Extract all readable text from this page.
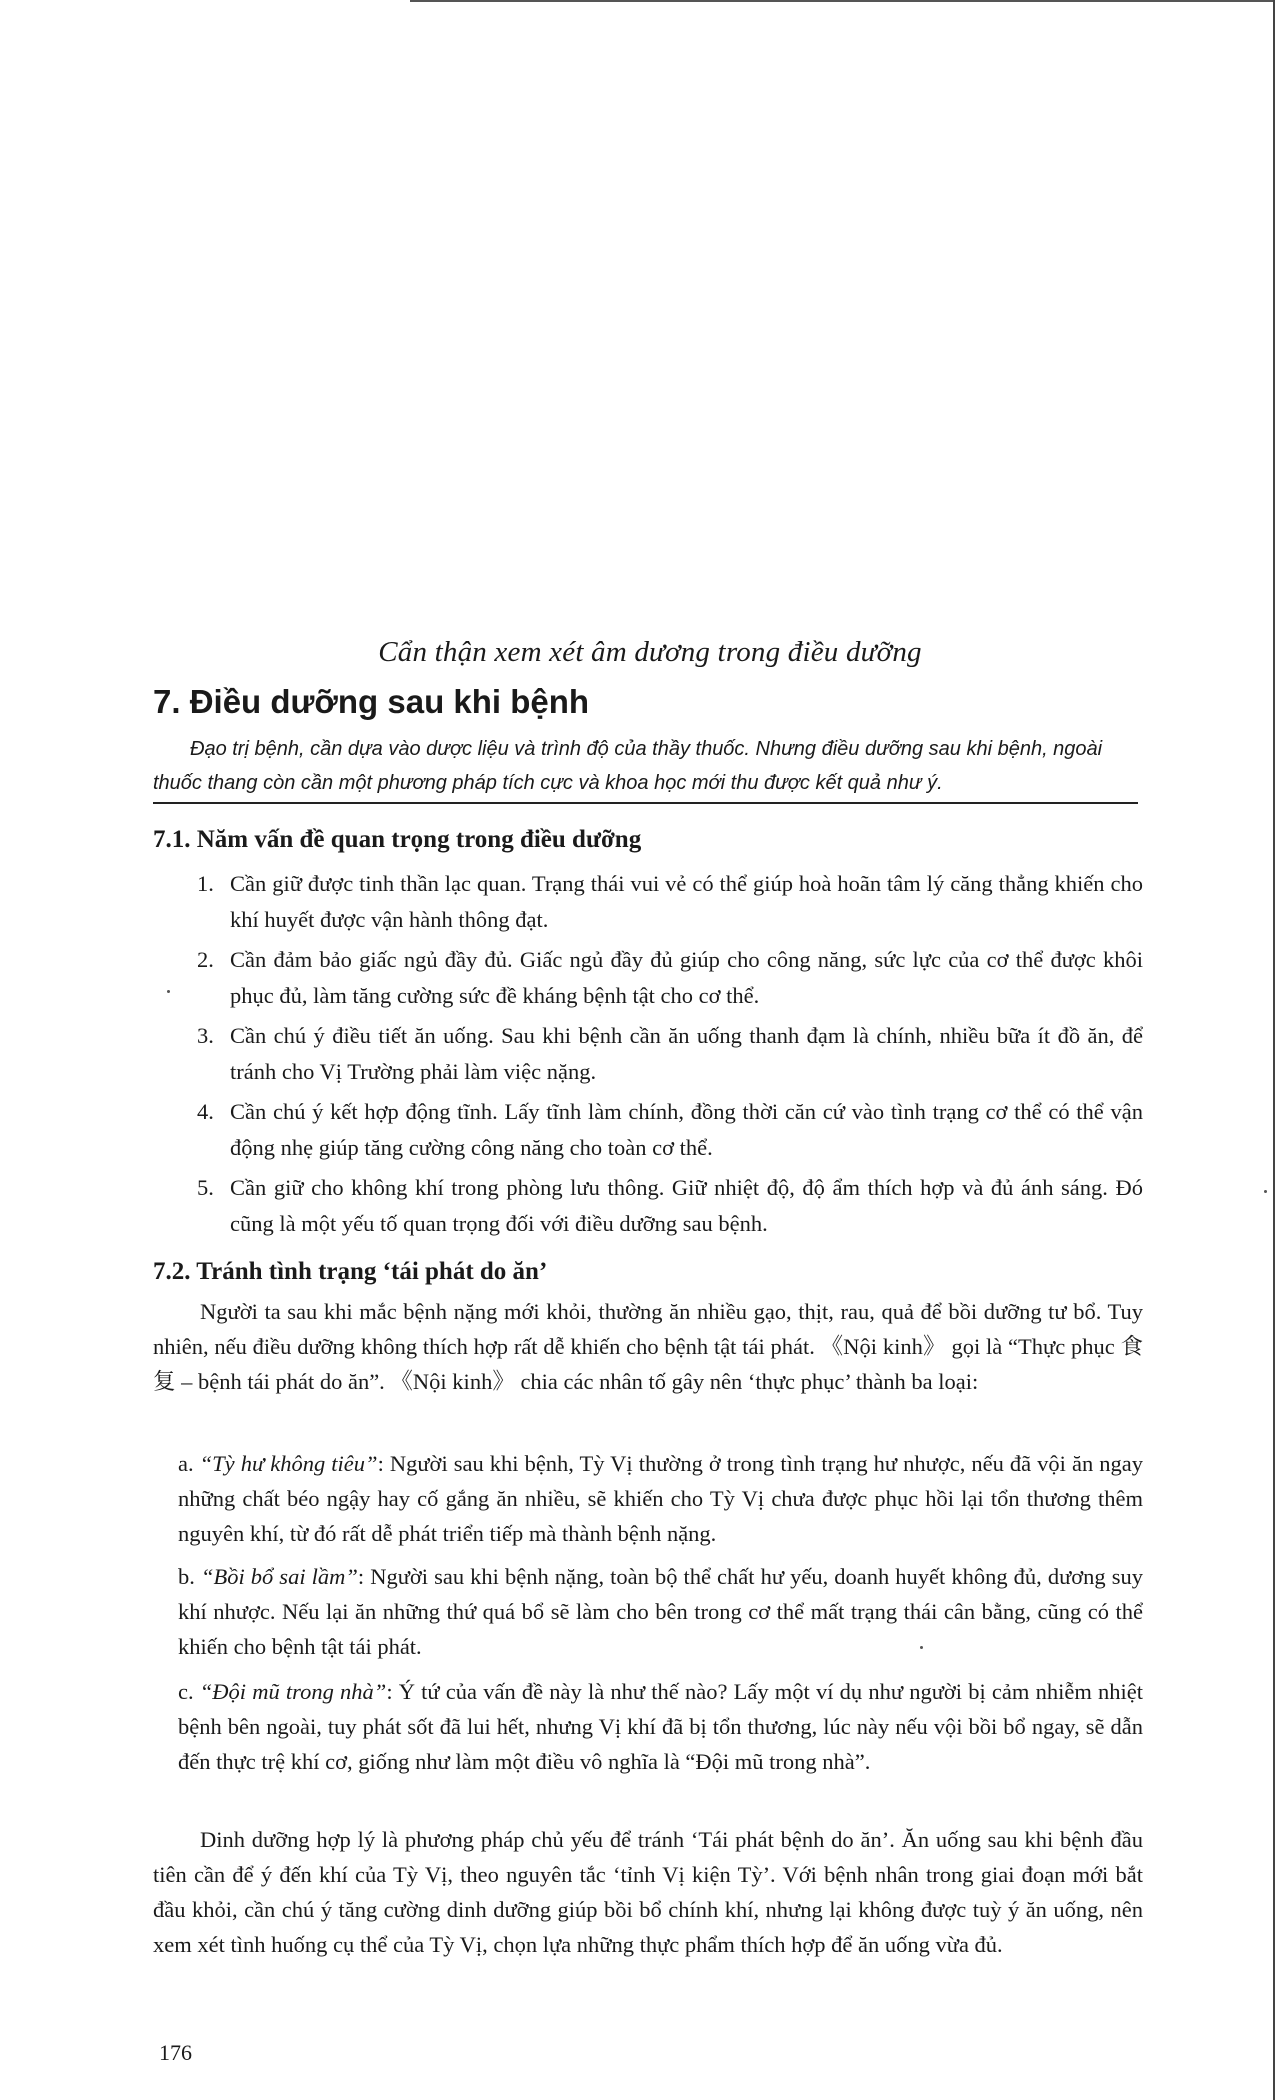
Cẩn thận xem xét âm dương trong điều dưỡng
7. Điều dưỡng sau khi bệnh

Đạo trị bệnh, cần dựa vào dược liệu và trình độ của thầy thuốc. Nhưng điều dưỡng sau khi bệnh, ngoài thuốc thang còn cần một phương pháp tích cực và khoa học mới thu được kết quả như ý.

7.1. Năm vấn đề quan trọng trong điều dưỡng
1. Cần giữ được tinh thần lạc quan. Trạng thái vui vẻ có thể giúp hoà hoãn tâm lý căng thẳng khiến cho khí huyết được vận hành thông đạt.
2. Cần đảm bảo giấc ngủ đầy đủ. Giấc ngủ đầy đủ giúp cho công năng, sức lực của cơ thể được khôi phục đủ, làm tăng cường sức đề kháng bệnh tật cho cơ thể.
3. Cần chú ý điều tiết ăn uống. Sau khi bệnh cần ăn uống thanh đạm là chính, nhiều bữa ít đồ ăn, để tránh cho Vị Trường phải làm việc nặng.
4. Cần chú ý kết hợp động tĩnh. Lấy tĩnh làm chính, đồng thời căn cứ vào tình trạng cơ thể có thể vận động nhẹ giúp tăng cường công năng cho toàn cơ thể.
5. Cần giữ cho không khí trong phòng lưu thông. Giữ nhiệt độ, độ ẩm thích hợp và đủ ánh sáng. Đó cũng là một yếu tố quan trọng đối với điều dưỡng sau bệnh.
7.2. Tránh tình trạng ‘tái phát do ăn’

Người ta sau khi mắc bệnh nặng mới khỏi, thường ăn nhiều gạo, thịt, rau, quả để bồi dưỡng tư bổ. Tuy nhiên, nếu điều dưỡng không thích hợp rất dễ khiến cho bệnh tật tái phát. 《Nội kinh》 gọi là “Thực phục 食复 – bệnh tái phát do ăn”. 《Nội kinh》 chia các nhân tố gây nên ‘thực phục’ thành ba loại:

a. “Tỳ hư không tiêu”: Người sau khi bệnh, Tỳ Vị thường ở trong tình trạng hư nhược, nếu đã vội ăn ngay những chất béo ngậy hay cố gắng ăn nhiều, sẽ khiến cho Tỳ Vị chưa được phục hồi lại tổn thương thêm nguyên khí, từ đó rất dễ phát triển tiếp mà thành bệnh nặng.

b. “Bồi bổ sai lầm”: Người sau khi bệnh nặng, toàn bộ thể chất hư yếu, doanh huyết không đủ, dương suy khí nhược. Nếu lại ăn những thứ quá bổ sẽ làm cho bên trong cơ thể mất trạng thái cân bằng, cũng có thể khiến cho bệnh tật tái phát.

c. “Đội mũ trong nhà”: Ý tứ của vấn đề này là như thế nào? Lấy một ví dụ như người bị cảm nhiễm nhiệt bệnh bên ngoài, tuy phát sốt đã lui hết, nhưng Vị khí đã bị tổn thương, lúc này nếu vội bồi bổ ngay, sẽ dẫn đến thực trệ khí cơ, giống như làm một điều vô nghĩa là “Đội mũ trong nhà”.

Dinh dưỡng hợp lý là phương pháp chủ yếu để tránh ‘Tái phát bệnh do ăn’. Ăn uống sau khi bệnh đầu tiên cần để ý đến khí của Tỳ Vị, theo nguyên tắc ‘tỉnh Vị kiện Tỳ’. Với bệnh nhân trong giai đoạn mới bắt đầu khỏi, cần chú ý tăng cường dinh dưỡng giúp bồi bổ chính khí, nhưng lại không được tuỳ ý ăn uống, nên xem xét tình huống cụ thể của Tỳ Vị, chọn lựa những thực phẩm thích hợp để ăn uống vừa đủ.

176
